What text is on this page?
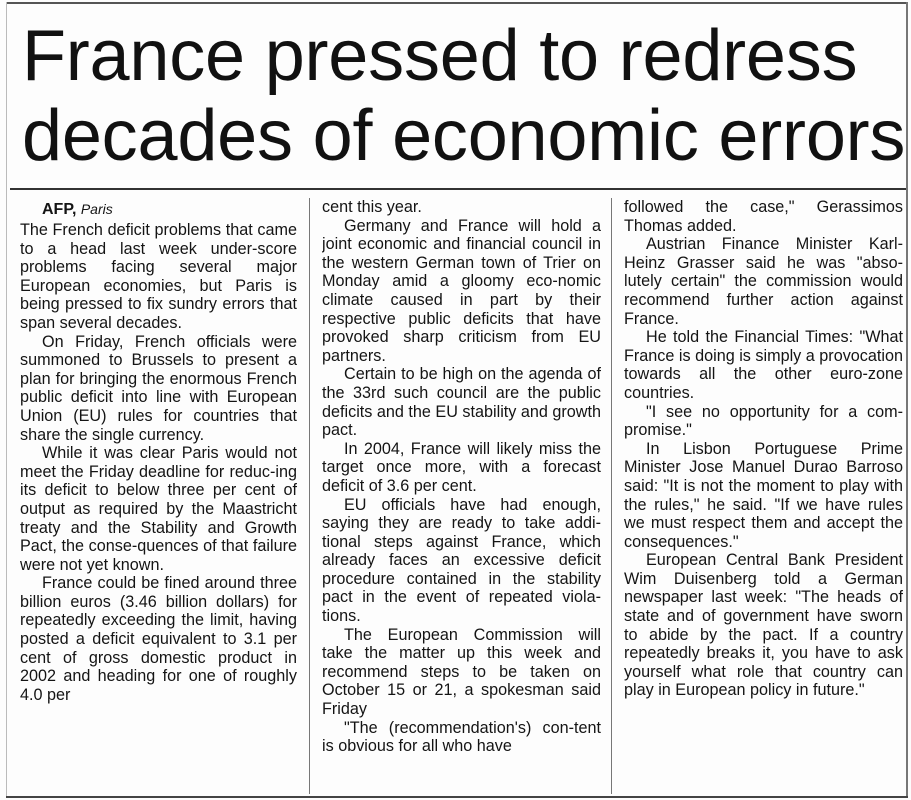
France pressed to redress
decades of economic errors

AFP, Paris

The French deficit problems that came to a head last week under-score problems facing several major European economies, but Paris is being pressed to fix sundry errors that span several decades.

On Friday, French officials were summoned to Brussels to present a plan for bringing the enormous French public deficit into line with European Union (EU) rules for countries that share the single currency.

While it was clear Paris would not meet the Friday deadline for reduc-ing its deficit to below three per cent of output as required by the Maastricht treaty and the Stability and Growth Pact, the conse-quences of that failure were not yet known.

France could be fined around three billion euros (3.46 billion dollars) for repeatedly exceeding the limit, having posted a deficit equivalent to 3.1 per cent of gross domestic product in 2002 and heading for one of roughly 4.0 per

cent this year.

Germany and France will hold a joint economic and financial council in the western German town of Trier on Monday amid a gloomy eco-nomic climate caused in part by their respective public deficits that have provoked sharp criticism from EU partners.

Certain to be high on the agenda of the 33rd such council are the public deficits and the EU stability and growth pact.

In 2004, France will likely miss the target once more, with a forecast deficit of 3.6 per cent.

EU officials have had enough, saying they are ready to take addi-tional steps against France, which already faces an excessive deficit procedure contained in the stability pact in the event of repeated viola-tions.

The European Commission will take the matter up this week and recommend steps to be taken on October 15 or 21, a spokesman said Friday

"The (recommendation's) con-tent is obvious for all who have

followed the case," Gerassimos Thomas added.

Austrian Finance Minister Karl-Heinz Grasser said he was "abso-lutely certain" the commission would recommend further action against France.

He told the Financial Times: "What France is doing is simply a provocation towards all the other euro-zone countries.

"I see no opportunity for a com-promise."

In Lisbon Portuguese Prime Minister Jose Manuel Durao Barroso said: "It is not the moment to play with the rules," he said. "If we have rules we must respect them and accept the consequences."

European Central Bank President Wim Duisenberg told a German newspaper last week: "The heads of state and of government have sworn to abide by the pact. If a country repeatedly breaks it, you have to ask yourself what role that country can play in European policy in future."
